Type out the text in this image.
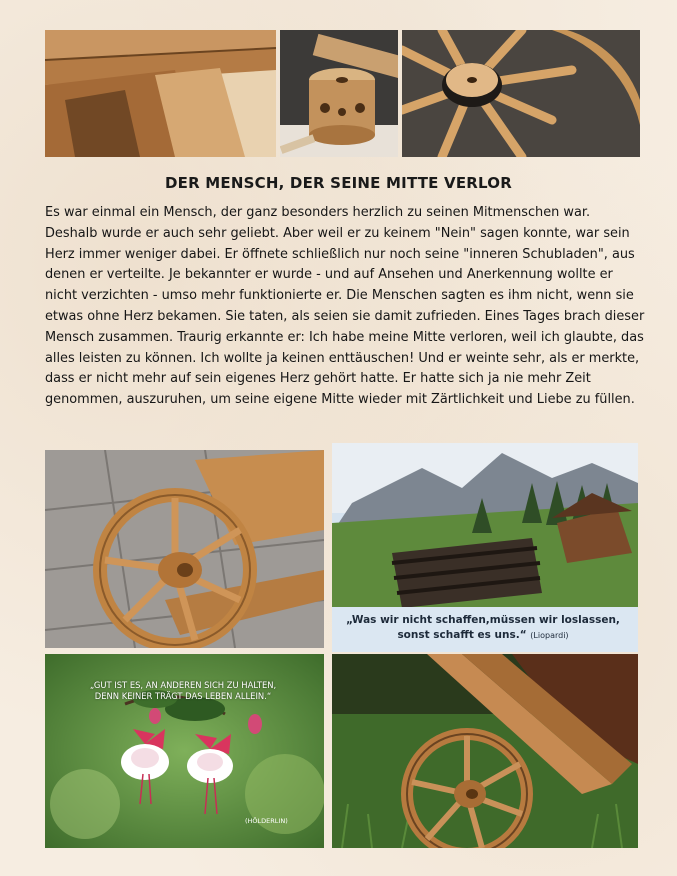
DER MENSCH, DER SEINE MITTE VERLOR

Es war einmal ein Mensch, der ganz besonders herzlich zu seinen Mitmenschen war. Deshalb wurde er auch sehr geliebt. Aber weil er zu keinem "Nein" sagen konnte, war sein Herz immer weniger dabei. Er öffnete schließlich nur noch seine "inneren Schubladen", aus denen er verteilte. Je bekannter er wurde - und auf Ansehen und Anerkennung wollte er nicht verzichten - umso mehr funktionierte er. Die Menschen sagten es ihm nicht, wenn sie etwas ohne Herz bekamen. Sie taten, als seien sie damit zufrieden. Eines Tages brach dieser Mensch zusammen. Traurig erkannte er: Ich habe meine Mitte verloren, weil ich glaubte, das alles leisten zu können. Ich wollte ja keinen enttäuschen! Und er weinte sehr, als er merkte, dass er nicht mehr auf sein eigenes Herz gehört hatte. Er hatte sich ja nie mehr Zeit genommen, auszuruhen, um seine eigene Mitte wieder mit Zärtlichkeit und Liebe zu füllen.

„Was wir nicht schaffen,müssen wir loslassen,
sonst schafft es uns.“ (Liopardi)
„GUT IST ES, AN ANDEREN SICH ZU HALTEN,
DENN KEINER TRÄGT DAS LEBEN ALLEIN.“
(HÖLDERLIN)
